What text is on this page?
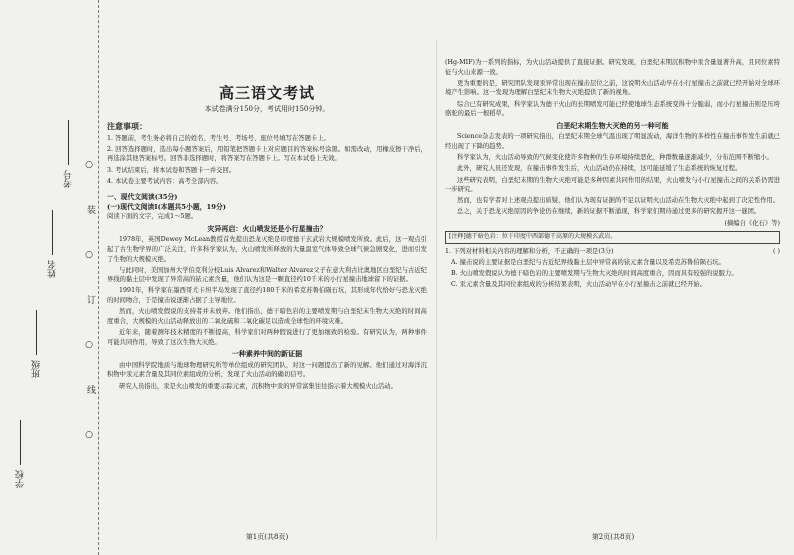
学校
班级
姓名
考号
○
装
○
订
○
线
○
高三语文考试
本试卷满分150分，考试用时150分钟。
注意事项：

1. 答题前，考生务必将自己的姓名、考生号、考场号、座位号填写在答题卡上。

2. 回答选择题时，选出每小题答案后，用铅笔把答题卡上对应题目的答案标号涂黑。如需改动，用橡皮擦干净后，再选涂其他答案标号。回答非选择题时，将答案写在答题卡上。写在本试卷上无效。

3. 考试结束后，将本试卷和答题卡一并交回。

4. 本试卷主要考试内容：高考全部内容。

一、现代文阅读(35分)
(一)现代文阅读Ⅰ(本题共5小题，19分)

阅读下面的文字，完成1～5题。

灾异再启：火山喷发还是小行星撞击？

1978年，英国Dewey McLean教授首先提出恐龙灭绝是印度德干玄武岩大规模喷发所致。此后，这一观点引起了古生物学界的广泛关注，许多科学家认为，火山喷发所释放的大量温室气体导致全球气候急剧变化，进而引发了生物的大规模灭绝。

与此同时，美国加州大学伯克利分校Luis Alvarez和Walter Alvarez父子在意大利古比奥地区白垩纪与古近纪界线的黏土层中发现了异常高的铱元素含量，他们认为这是一颗直径约10千米的小行星撞击地球留下的证据。

1991年，科学家在墨西哥尤卡坦半岛发现了直径约180千米的希克苏鲁伯陨石坑，其形成年代恰好与恐龙灭绝的时间吻合，于是撞击说逐渐占据了主导地位。

然而，火山喷发假说的支持者并未放弃。他们指出，德干暗色岩的主要喷发期与白垩纪末生物大灭绝的时间高度重合，大规模的火山活动释放出的二氧化硫和二氧化碳足以造成全球性的环境灾难。

近年来，随着测年技术精度的不断提高，科学家们对两种假说进行了更加细致的检验。有研究认为，两种事件可能共同作用，导致了这次生物大灭绝。

一种素养中间的新证据

由中国科学院地质与地球物理研究所等单位组成的研究团队，对这一问题提出了新的见解。他们通过对海洋沉积物中汞元素含量及其同位素组成的分析，发现了火山活动的确切信号。

研究人员指出，汞是火山喷发的重要示踪元素，沉积物中汞的异常富集往往指示着大规模火山活动。

(Hg-MIF)为一系列的指标，为火山活动提供了直接证据。研究发现，白垩纪末期沉积物中汞含量显著升高，且同位素特征与火山来源一致。

更为重要的是，研究团队发现汞异常出现在撞击层位之前，这说明火山活动早在小行星撞击之前就已经开始对全球环境产生影响。这一发现为理解白垩纪末生物大灭绝提供了新的视角。

综合已有研究成果，科学家认为德干火山的长期喷发可能已经使地球生态系统变得十分脆弱，而小行星撞击则是压垮骆驼的最后一根稻草。

白垩纪末期生物大灭绝的另一种可能

Science杂志发表的一项研究指出，白垩纪末期全球气温出现了明显波动，海洋生物的多样性在撞击事件发生前就已经出现了下降的趋势。

科学家认为，火山活动导致的气候变化使许多物种的生存环境持续恶化，种群数量逐渐减少，分布范围不断缩小。

此外，研究人员还发现，在撞击事件发生后，火山活动仍在持续，这可能延缓了生态系统的恢复过程。

这些研究表明，白垩纪末期的生物大灭绝可能是多种因素共同作用的结果，火山喷发与小行星撞击之间的关系仍需进一步研究。

然而，也有学者对上述观点提出质疑，他们认为现有证据尚不足以证明火山活动在生物大灭绝中起到了决定性作用。

总之，关于恐龙灭绝原因的争论仍在继续，新的证据不断涌现，科学家们期待通过更多的研究揭开这一谜团。

(摘编自《化石》等)

[注释]德干暗色岩：位于印度中西部德干高原的大规模玄武岩。

1. 下列对材料相关内容的理解和分析，不正确的一项是(3分)	( )

A. 撞击说的主要证据是白垩纪与古近纪界线黏土层中异常高的铱元素含量以及希克苏鲁伯陨石坑。

B. 火山喷发假说认为德干暗色岩的主要喷发期与生物大灭绝的时间高度重合，因而具有较强的说服力。

C. 汞元素含量及其同位素组成的分析结果表明，火山活动早在小行星撞击之前就已经开始。

第1页(共8页)	第2页(共8页)
